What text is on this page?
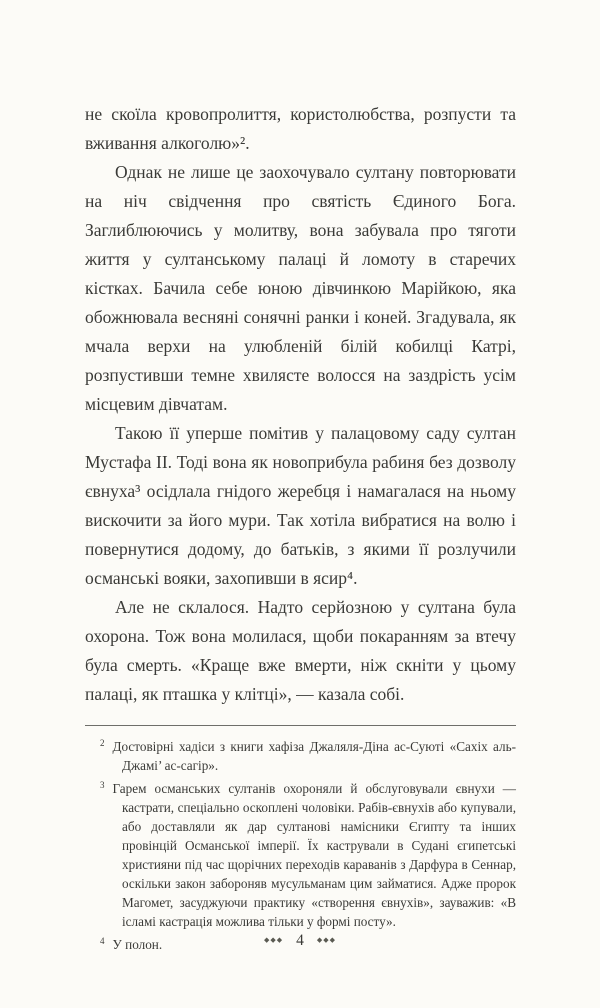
не скоїла кровопролиття, користолюбства, розпусти та вживання алкоголю»².

Однак не лише це заохочувало султану повторювати на ніч свідчення про святість Єдиного Бога. Заглиблюючись у молитву, вона забувала про тяготи життя у султанському палаці й ломоту в старечих кістках. Бачила себе юною дівчинкою Марійкою, яка обожнювала весняні сонячні ранки і коней. Згадувала, як мчала верхи на улюбленій білій кобилці Катрі, розпустивши темне хвилясте волосся на заздрість усім місцевим дівчатам.

Такою її уперше помітив у палацовому саду султан Мустафа II. Тоді вона як новоприбула рабиня без дозволу євнуха³ осідлала гнідого жеребця і намагалася на ньому вискочити за його мури. Так хотіла вибратися на волю і повернутися додому, до батьків, з якими її розлучили османські вояки, захопивши в ясир⁴.

Але не склалося. Надто серйозною у султана була охорона. Тож вона молилася, щоби покаранням за втечу була смерть. «Краще вже вмерти, ніж скніти у цьому палаці, як пташка у клітці», — казала собі.

$^2$ Достовірні хадіси з книги хафіза Джаляля-Діна ас-Суюті «Сахіх аль-Джамі’ ас-сагір».
$^3$ Гарем османських султанів охороняли й обслуговували євнухи — кастрати, спеціально оскоплені чоловіки. Рабів-євнухів або купували, або доставляли як дар султанові намісники Єгипту та інших провінцій Османської імперії. Їх кастрували в Судані єгипетські християни під час щорічних переходів караванів з Дарфура в Сеннар, оскільки закон забороняв мусульманам цим займатися. Адже пророк Магомет, засуджуючи практику «створення євнухів», зауважив: «В ісламі кастрація можлива тільки у формі посту».
$^4$ У полон.	◆◆◆ 4 ◆◆◆
